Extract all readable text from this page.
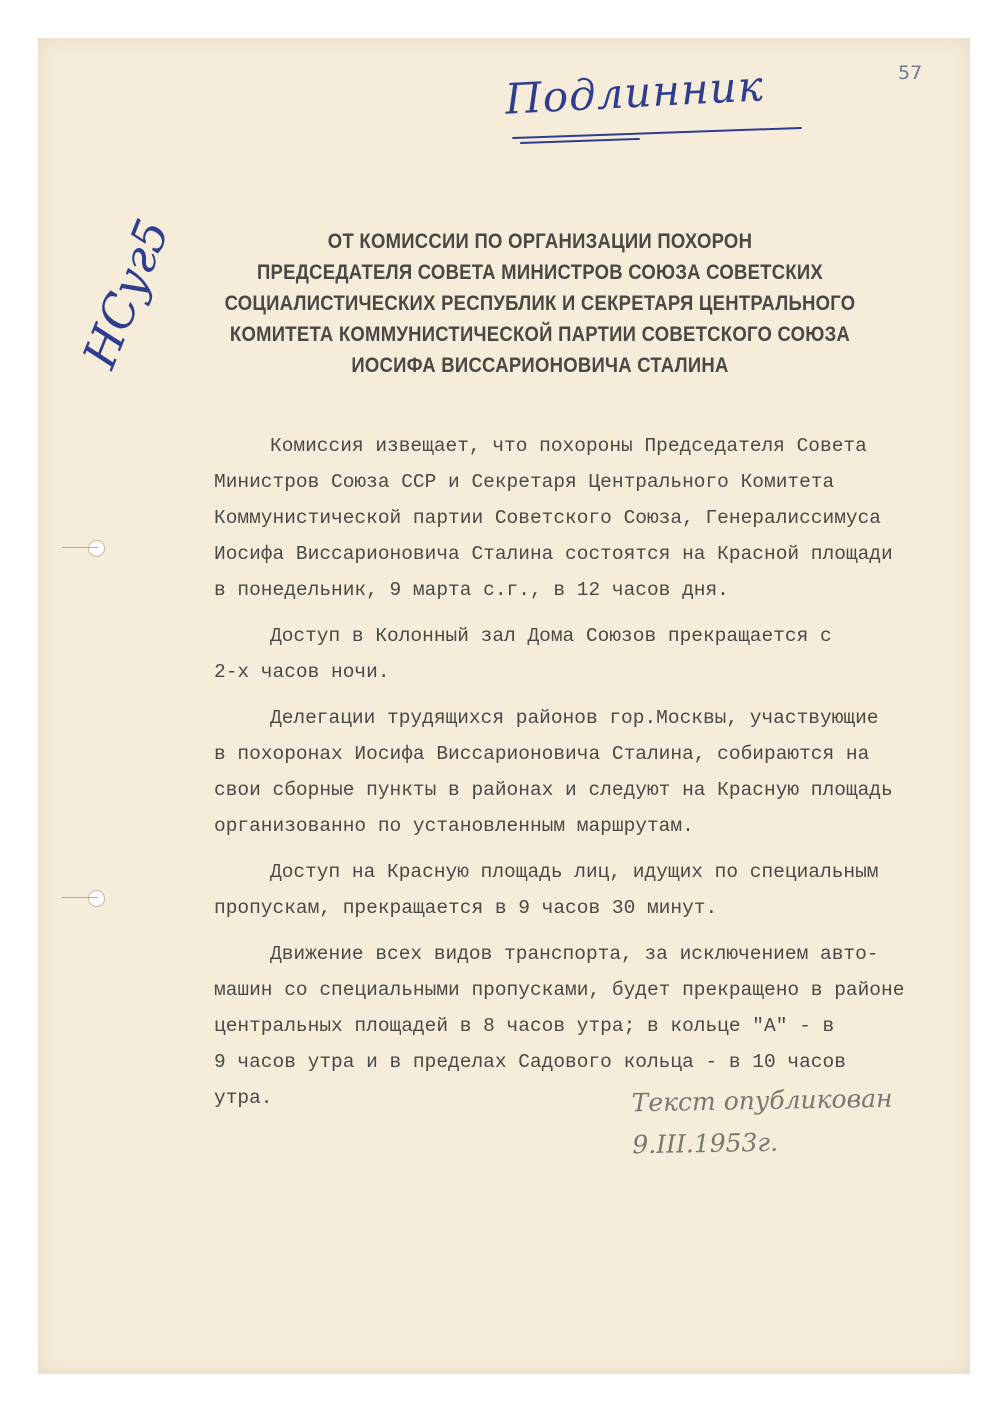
Подлинник	57
НСуг5	ОТ КОМИССИИ ПО ОРГАНИЗАЦИИ ПОХОРОН
ПРЕДСЕДАТЕЛЯ СОВЕТА МИНИСТРОВ СОЮЗА СОВЕТСКИХ
СОЦИАЛИСТИЧЕСКИХ РЕСПУБЛИК И СЕКРЕТАРЯ ЦЕНТРАЛЬНОГО
КОМИТЕТА КОММУНИСТИЧЕСКОЙ ПАРТИИ СОВЕТСКОГО СОЮЗА
ИОСИФА ВИССАРИОНОВИЧА СТАЛИНА
Комиссия извещает, что похороны Председателя Совета
Министров Союза ССР и Секретаря Центрального Комитета
Коммунистической партии Советского Союза, Генералиссимуса
Иосифа Виссарионовича Сталина состоятся на Красной площади
в понедельник, 9 марта с.г., в 12 часов дня.
Доступ в Колонный зал Дома Союзов прекращается с
2-х часов ночи.
Делегации трудящихся районов гор.Москвы, участвующие
в похоронах Иосифа Виссарионовича Сталина, собираются на
свои сборные пункты в районах и следуют на Красную площадь
организованно по установленным маршрутам.
Доступ на Красную площадь лиц, идущих по специальным
пропускам, прекращается в 9 часов 30 минут.
Движение всех видов транспорта, за исключением авто-
машин со специальными пропусками, будет прекращено в районе
центральных площадей в 8 часов утра; в кольце "А" - в
9 часов утра и в пределах Садового кольца - в 10 часов
утра.	Текст опубликован
9.III.1953г.
